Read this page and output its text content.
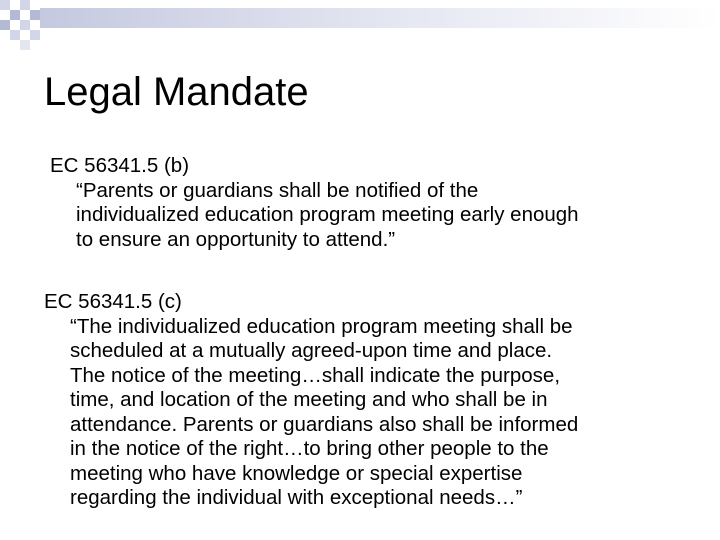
Legal Mandate
EC 56341.5 (b)
“Parents or guardians shall be notified of the
individualized education program meeting early enough
to ensure an opportunity to attend.”
EC 56341.5 (c)
“The individualized education program meeting shall be
scheduled at a mutually agreed-upon time and place.
The notice of the meeting…shall indicate the purpose,
time, and location of the meeting and who shall be in
attendance. Parents or guardians also shall be informed
in the notice of the right…to bring other people to the
meeting who have knowledge or special expertise
regarding the individual with exceptional needs…”
